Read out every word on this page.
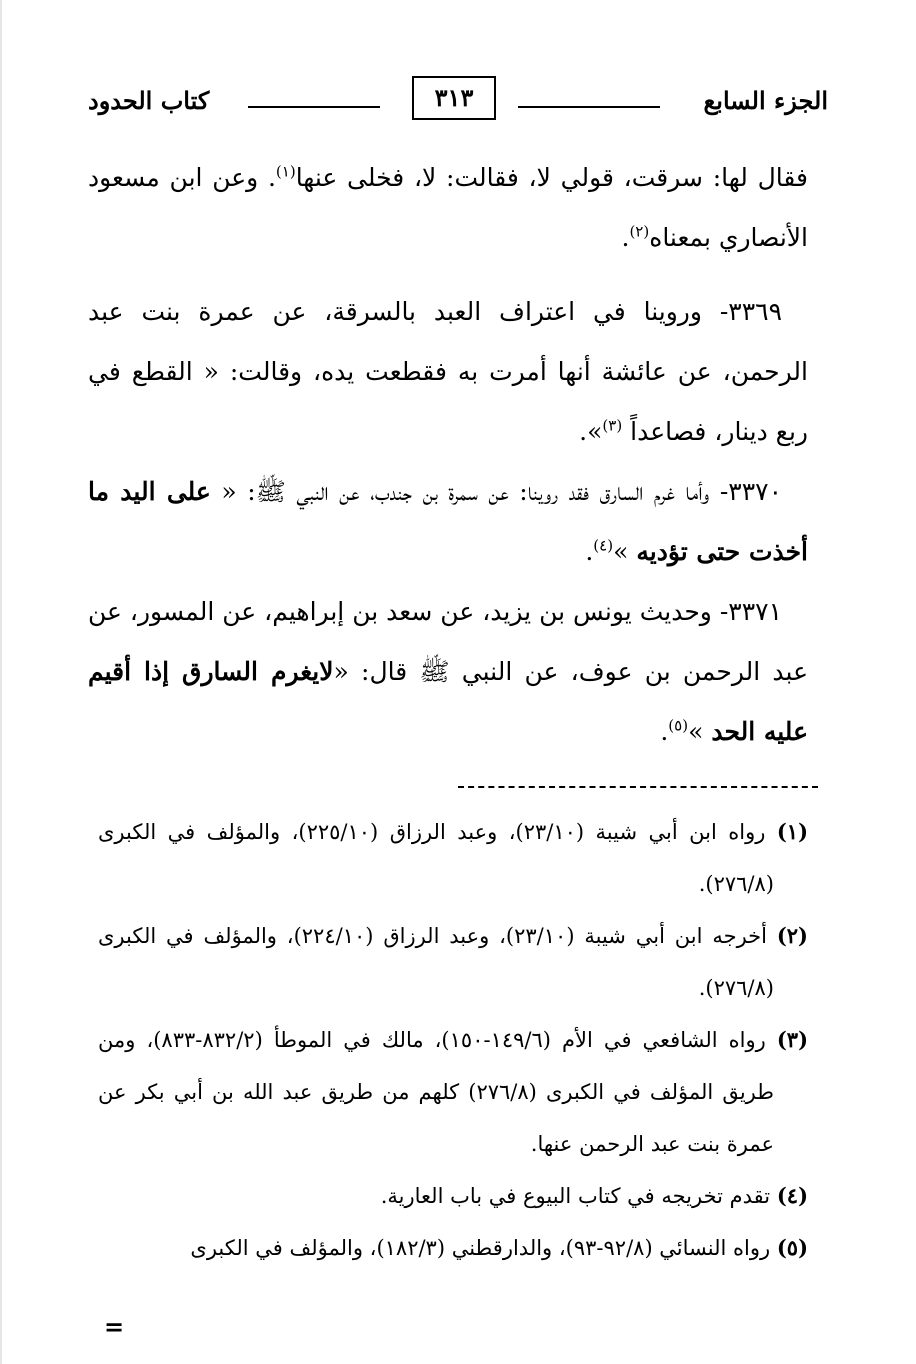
الجزء السابع
٣١٣
كتاب الحدود

فقال لها: سرقت، قولي لا، فقالت: لا، فخلى عنها$^{(١)}$. وعن ابن مسعود الأنصاري بمعناه$^{(٢)}$.

٣٣٦٩- وروينا في اعتراف العبد بالسرقة، عن عمرة بنت عبد الرحمن، عن عائشة أنها أمرت به فقطعت يده، وقالت: « القطع في ربع دينار، فصاعداً $^{(٣)}$».

٣٣٧٠- وأما غرم السارق فقد روينا: عن سمرة بن جندب، عن النبي ﷺ: « على اليد ما أخذت حتى تؤديه »$^{(٤)}$.

٣٣٧١- وحديث يونس بن يزيد، عن سعد بن إبراهيم، عن المسور، عن عبد الرحمن بن عوف، عن النبي ﷺ قال: «لايغرم السارق إذا أقيم عليه الحد »$^{(٥)}$.

(١) رواه ابن أبي شيبة (٢٣/١٠)، وعبد الرزاق (٢٢٥/١٠)، والمؤلف في الكبرى (٢٧٦/٨).

(٢) أخرجه ابن أبي شيبة (٢٣/١٠)، وعبد الرزاق (٢٢٤/١٠)، والمؤلف في الكبرى (٢٧٦/٨).

(٣) رواه الشافعي في الأم (١٤٩/٦-١٥٠)، مالك في الموطأ (٨٣٢/٢-٨٣٣)، ومن طريق المؤلف في الكبرى (٢٧٦/٨) كلهم من طريق عبد الله بن أبي بكر عن عمرة بنت عبد الرحمن عنها.

(٤) تقدم تخريجه في كتاب البيوع في باب العارية.

(٥) رواه النسائي (٩٢/٨-٩٣)، والدارقطني (١٨٢/٣)، والمؤلف في الكبرى

=
